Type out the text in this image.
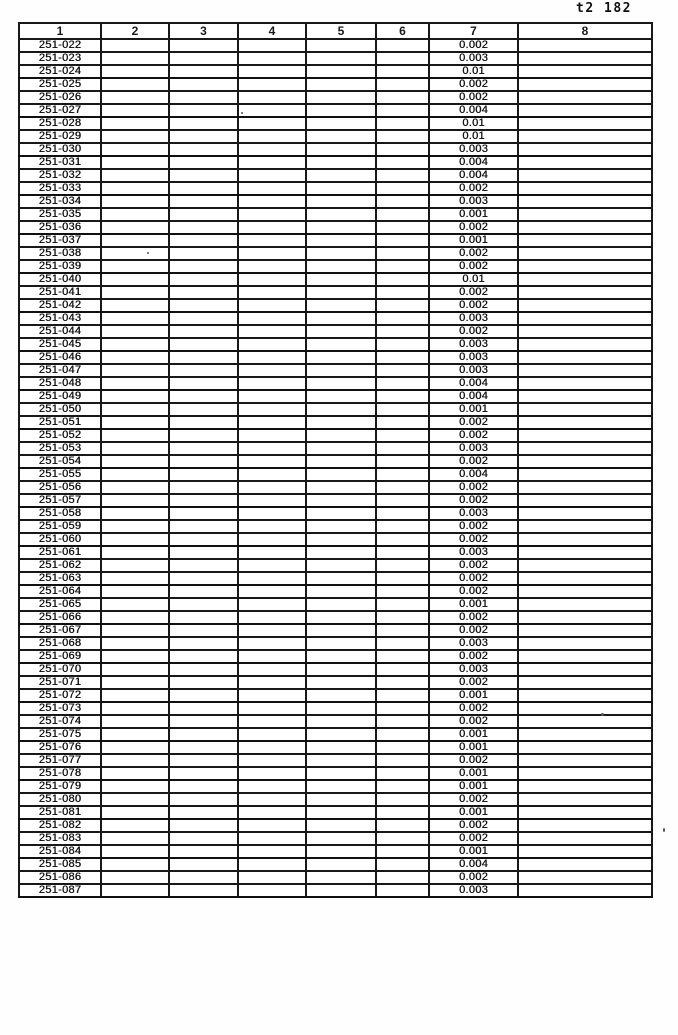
t2 182
1	2	3	4	5	6	7	8
251-022						0.002	
251-023						0.003	
251-024						0.01	
251-025						0.002	
251-026						0.002	
251-027						0.004	
251-028						0.01	
251-029						0.01	
251-030						0.003	
251-031						0.004	
251-032						0.004	
251-033						0.002	
251-034						0.003	
251-035						0.001	
251-036						0.002	
251-037						0.001	
251-038						0.002	
251-039						0.002	
251-040						0.01	
251-041						0.002	
251-042						0.002	
251-043						0.003	
251-044						0.002	
251-045						0.003	
251-046						0.003	
251-047						0.003	
251-048						0.004	
251-049						0.004	
251-050						0.001	
251-051						0.002	
251-052						0.002	
251-053						0.003	
251-054						0.002	
251-055						0.004	
251-056						0.002	
251-057						0.002	
251-058						0.003	
251-059						0.002	
251-060						0.002	
251-061						0.003	
251-062						0.002	
251-063						0.002	
251-064						0.002	
251-065						0.001	
251-066						0.002	
251-067						0.002	
251-068						0.003	
251-069						0.002	
251-070						0.003	
251-071						0.002	
251-072						0.001	
251-073						0.002	
251-074						0.002	
251-075						0.001	
251-076						0.001	
251-077						0.002	
251-078						0.001	
251-079						0.001	
251-080						0.002	
251-081						0.001	
251-082						0.002	
251-083						0.002	
251-084						0.001	
251-085						0.004	
251-086						0.002	
251-087						0.003	
